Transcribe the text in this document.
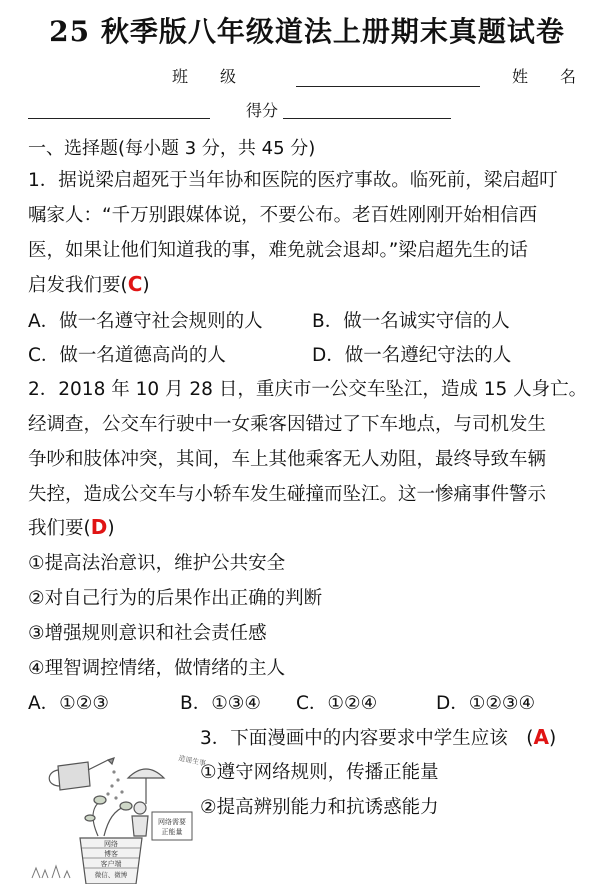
25 秋季版八年级道法上册期末真题试卷
班　　级	姓　　名
得分
一、选择题(每小题 3 分，共 45 分)
1．据说梁启超死于当年协和医院的医疗事故。临死前，梁启超叮
嘱家人：“千万别跟媒体说，不要公布。老百姓刚刚开始相信西
医，如果让他们知道我的事，难免就会退却。”梁启超先生的话
启发我们要(C)
A．做一名遵守社会规则的人	B．做一名诚实守信的人
C．做一名道德高尚的人	D．做一名遵纪守法的人
2．2018 年 10 月 28 日，重庆市一公交车坠江，造成 15 人身亡。
经调查，公交车行驶中一女乘客因错过了下车地点，与司机发生
争吵和肢体冲突，其间，车上其他乘客无人劝阻，最终导致车辆
失控，造成公交车与小轿车发生碰撞而坠江。这一惨痛事件警示
我们要(D)
①提高法治意识，维护公共安全
②对自己行为的后果作出正确的判断
③增强规则意识和社会责任感
④理智调控情绪，做情绪的主人
A．①②③	B．①③④ C．①②④	D．①②③④
3．下面漫画中的内容要求中学生应该　(A)
①遵守网络规则，传播正能量
②提高辨别能力和抗诱惑能力
网络需要
正能量
造谣生事
网络
博客
客户端
微信、微博
